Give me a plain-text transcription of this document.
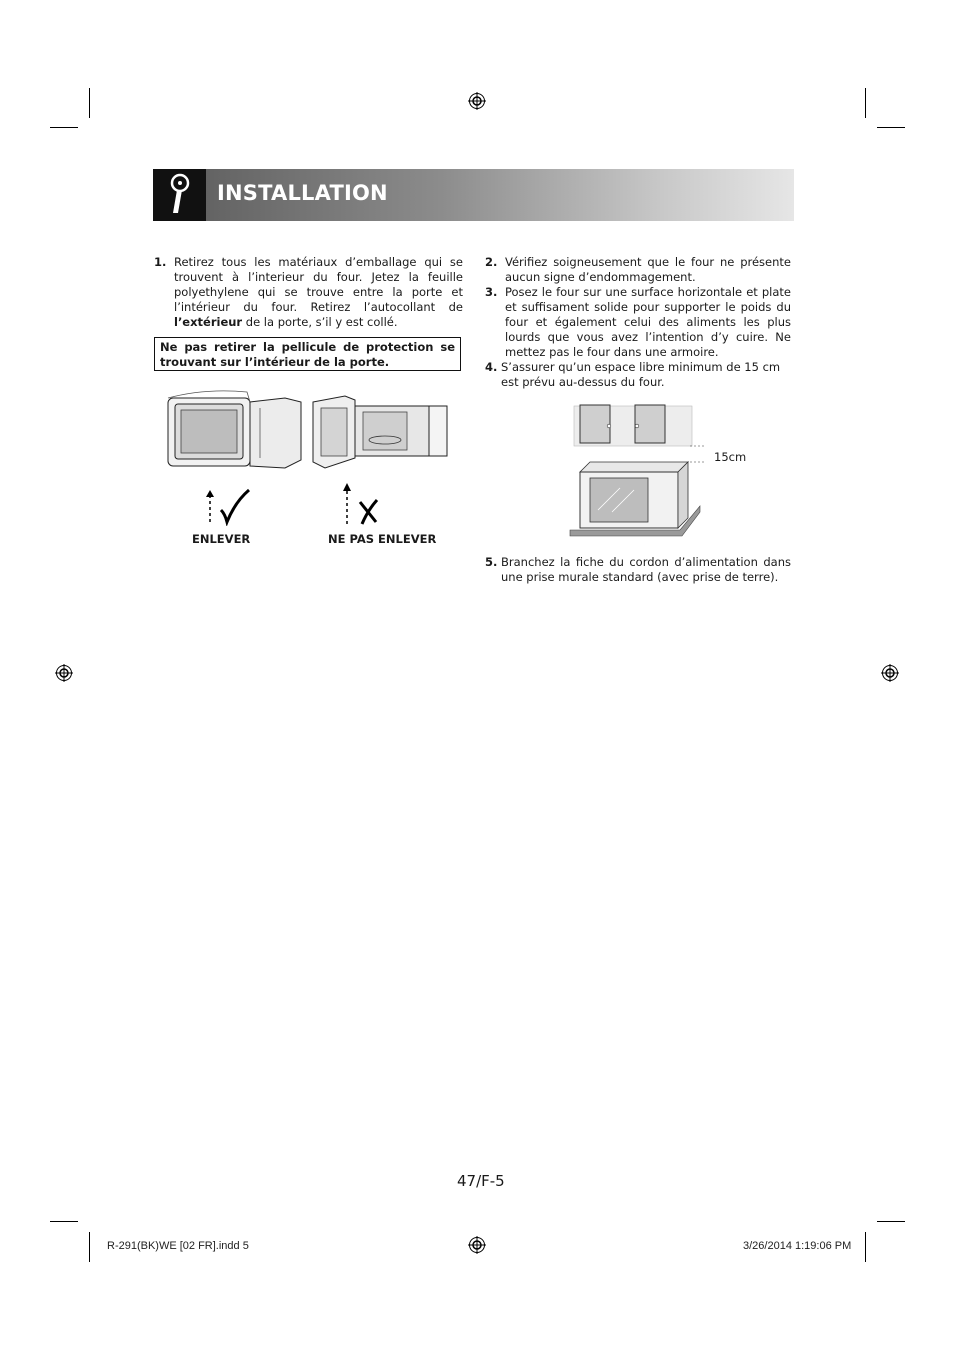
INSTALLATION
1. Retirez tous les matériaux d’emballage qui se trouvent à l’interieur du four. Jetez la feuille polyethylene qui se trouve entre la porte et l’intérieur du four. Retirez l’autocollant de l’extérieur de la porte, s’il y est collé.
Ne pas retirer la pellicule de protection se trouvant sur l’intérieur de la porte.
ENLEVER	NE PAS ENLEVER
2. Vérifiez soigneusement que le four ne présente aucun signe d’endommagement.
3. Posez le four sur une surface horizontale et plate et suffisament solide pour supporter le poids du four et également celui des aliments les plus lourds que vous avez l’intention d’y cuire. Ne mettez pas le four dans une armoire.
4. S’assurer qu’un espace libre minimum de 15 cm est prévu au-dessus du four.
15cm
5. Branchez la fiche du cordon d’alimentation dans une prise murale standard (avec prise de terre).
47/F-5
R-291(BK)WE [02 FR].indd 5	3/26/2014 1:19:06 PM
